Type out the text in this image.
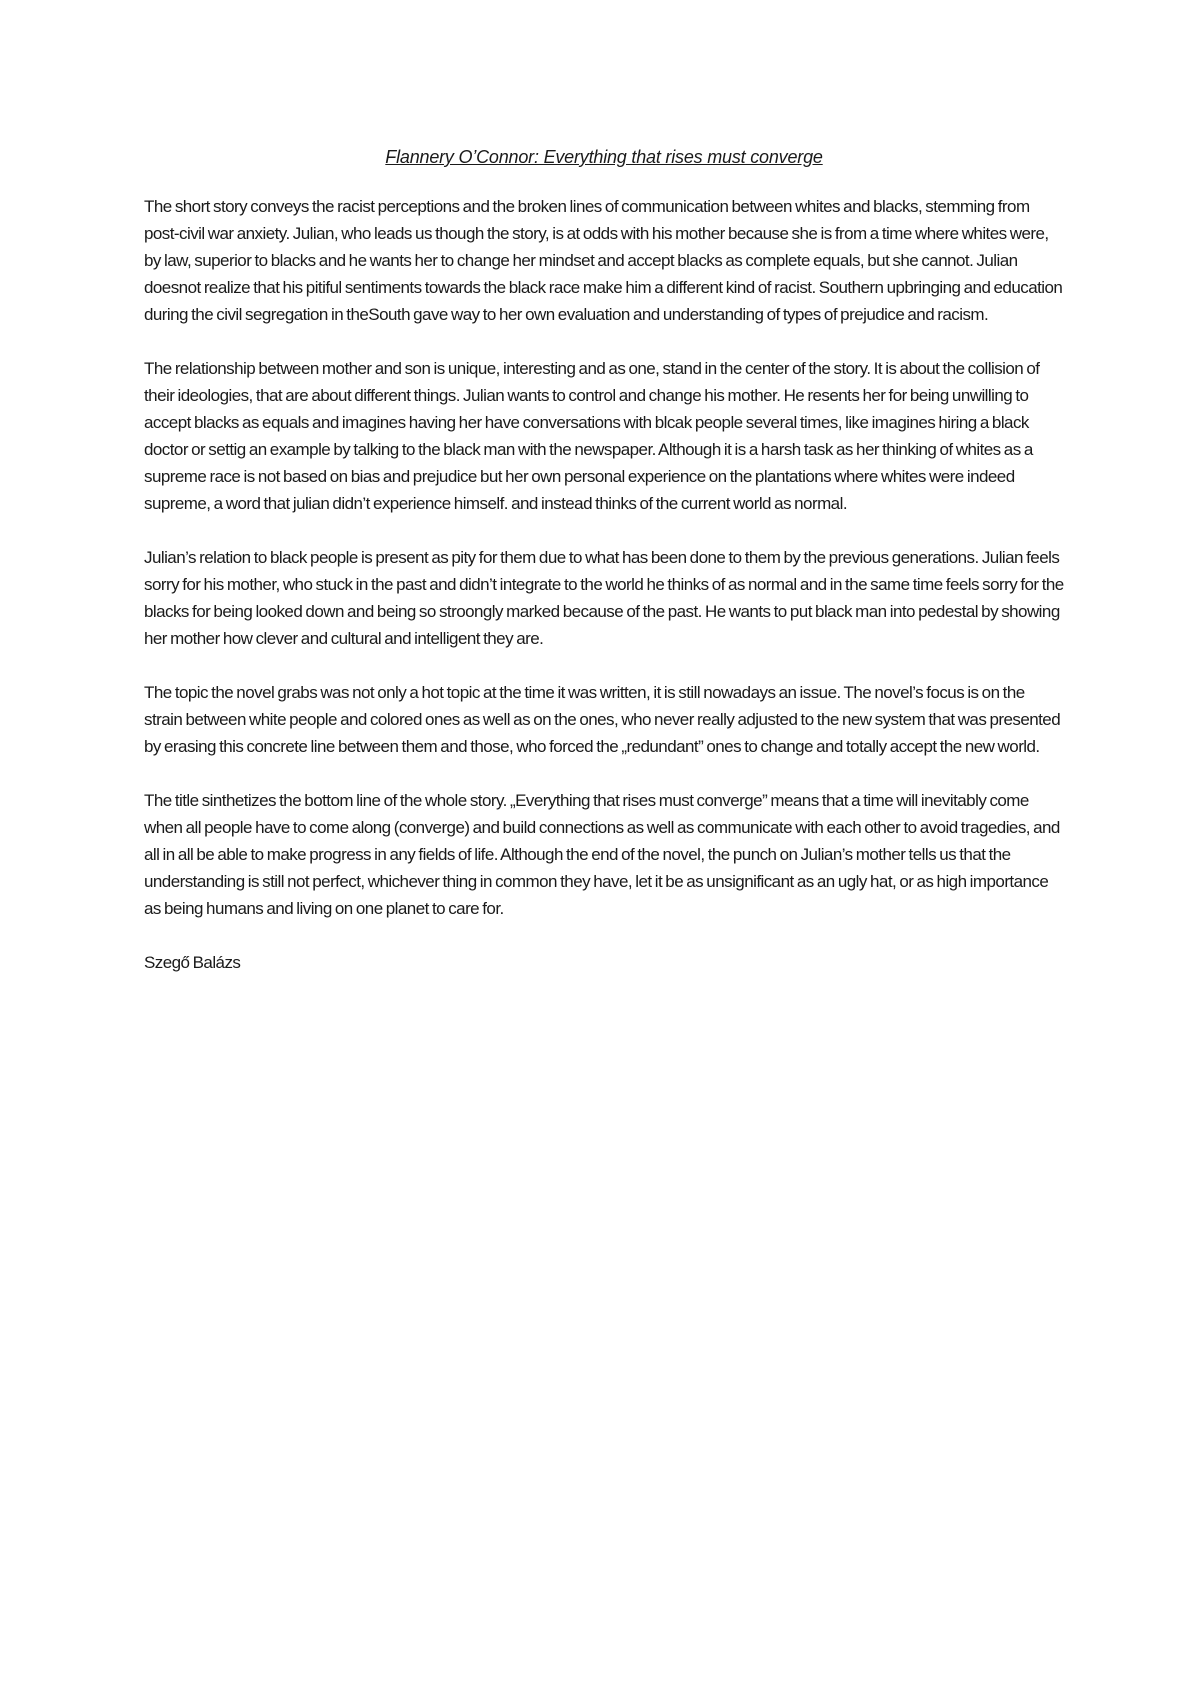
Flannery O’Connor: Everything that rises must converge

The short story conveys the racist perceptions and the broken lines of communication between whites and blacks, stemming from post-civil war anxiety. Julian, who leads us though the story, is at odds with his mother because she is from a time where whites were, by law, superior to blacks and he wants her to change her mindset and accept blacks as complete equals, but she cannot. Julian doesnot realize that his pitiful sentiments towards the black race make him a different kind of racist. Southern upbringing and education during the civil segregation in theSouth gave way to her own evaluation and understanding of types of prejudice and racism.

The relationship between mother and son is unique, interesting and as one, stand in the center of the story. It is about the collision of their ideologies, that are about different things. Julian wants to control and change his mother. He resents her for being unwilling to accept blacks as equals and imagines having her have conversations with blcak people several times, like imagines hiring a black doctor or settig an example by talking to the black man with the newspaper. Although it is a harsh task as her thinking of whites as a supreme race is not based on bias and prejudice but her own personal experience on the plantations where whites were indeed supreme, a word that julian didn’t experience himself. and instead thinks of the current world as normal.

Julian’s relation to black people is present as pity for them due to what has been done to them by the previous generations. Julian feels sorry for his mother, who stuck in the past and didn’t integrate to the world he thinks of as normal and in the same time feels sorry for the blacks for being looked down and being so stroongly marked because of the past. He wants to put black man into pedestal by showing her mother how clever and cultural and intelligent they are.

The topic the novel grabs was not only a hot topic at the time it was written, it is still nowadays an issue. The novel’s focus is on the strain between white people and colored ones as well as on the ones, who never really adjusted to the new system that was presented by erasing this concrete line between them and those, who forced the „redundant” ones to change and totally accept the new world.

The title sinthetizes the bottom line of the whole story. „Everything that rises must converge” means that a time will inevitably come when all people have to come along (converge) and build connections as well as communicate with each other to avoid tragedies, and all in all be able to make progress in any fields of life. Although the end of the novel, the punch on Julian’s mother tells us that the understanding is still not perfect, whichever thing in common they have, let it be as unsignificant as an ugly hat, or as high importance as being humans and living on one planet to care for.

Szegő Balázs
